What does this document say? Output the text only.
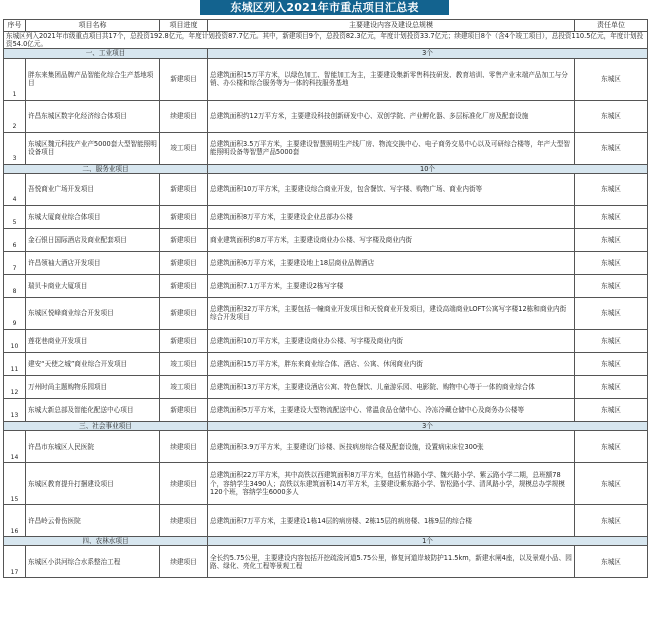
东城区列入2021年市重点项目汇总表
序号	项目名称	项目进度	主要建设内容及建设总规模	责任单位
东城区列入2021年市级重点项目共17个，总投资192.8亿元，年度计划投资87.7亿元。其中，新建项目9个，总投资82.3亿元，年度计划投资33.7亿元；续建项目8个（含4个竣工项目），总投资110.5亿元，年度计划投资54.0亿元。				
一、工业项目			3个	
1	胖东来集团品牌产品智能化综合生产基地项目	新建项目	总建筑面积15万平方米，以绿色加工、智能加工为主，主要建设集新零售科技研发、教育培训、零售产业末端产品加工与分销、办公楼和综合服务等为一体的科技服务基地	东城区
2	许昌东城区数字化经济综合体项目	续建项目	总建筑面积约12万平方米，主要建设科技创新研发中心、双创学院、产业孵化器、多层标准化厂房及配套设施	东城区
3	东城区魏元科技产业产5000套大型智能照明设备项目	竣工项目	总建筑面积3.5万平方米，主要建设智慧照明生产线厂房、物流交换中心、电子商务交易中心以及可研综合楼等，年产大型智能照明设备等智慧产品5000套	东城区
二、服务业项目			10个	
4	吾悦商业广场开发项目	新建项目	总建筑面积10万平方米，主要建设综合商业开发，包含餐饮、写字楼、购物广场、商业内街等	东城区
5	东城大厦商业综合体项目	新建项目	总建筑面积8万平方米，主要建设企业总部办公楼	东城区
6	金石银日国际酒店及商业配套项目	新建项目	商业建筑面积约8万平方米，主要建设商业办公楼、写字楼及商业内街	东城区
7	许昌领袖大酒店开发项目	新建项目	总建筑面积6万平方米，主要建设地上18层商业品牌酒店	东城区
8	瑞贝卡商业大厦项目	新建项目	总建筑面积7.1万平方米，主要建设2栋写字楼	东城区
9	东城区悦峰商业综合开发项目	新建项目	总建筑面积32万平方米，主要包括一幢商业开发项目和天悦商业开发项目，建设高端商业LOFT公寓写字楼12栋和商业内街综合开发项目	东城区
10	莲花巷商业开发项目	新建项目	总建筑面积10万平方米，主要建设商业办公楼、写字楼及商业内街	东城区
11	建安“天使之城”商业综合开发项目	竣工项目	总建筑面积15万平方米，胖东来商业综合体、酒店、公寓、休闲商业内街	东城区
12	万州时尚主题购物乐园项目	竣工项目	总建筑面积13万平方米，主要建设酒店公寓、特色餐饮、儿童游乐园、电影院、购物中心等于一体的商业综合体	东城区
13	东城大新总部及智能化配送中心项目	新建项目	总建筑面积5万平方米，主要建设大型物流配送中心、常温食品仓储中心、冷冻冷藏仓储中心及商务办公楼等	东城区
三、社会事业项目			3个	
14	许昌市东城区人民医院	续建项目	总建筑面积3.9万平方米，主要建设门诊楼、医技病房综合楼及配套设施，设置病床床位300张	东城区
15	东城区教育提升打捆建设项目	续建项目	总建筑面积22万平方米，其中高铁以西建筑面积8万平方米，包括竹林路小学、魏兴路小学、紫云路小学二期，总班额78个，容纳学生3490人；高铁以东建筑面积14万平方米，主要建设紫东路小学、智松路小学、清风路小学，规模总办学规模120个班，容纳学生6000多人	东城区
16	许昌岭云骨伤医院	续建项目	总建筑面积7万平方米，主要建设1栋14层的病房楼、2栋15层的病房楼、1栋9层的综合楼	东城区
四、农林水项目			1个	
17	东城区小洪河综合水系整治工程	续建项目	全长约5.75公里，主要建设内容包括开挖疏浚河道5.75公里，修复河道岸坡防护11.5km，新建水闸4座，以及景观小品、园路、绿化、亮化工程等景观工程	东城区
